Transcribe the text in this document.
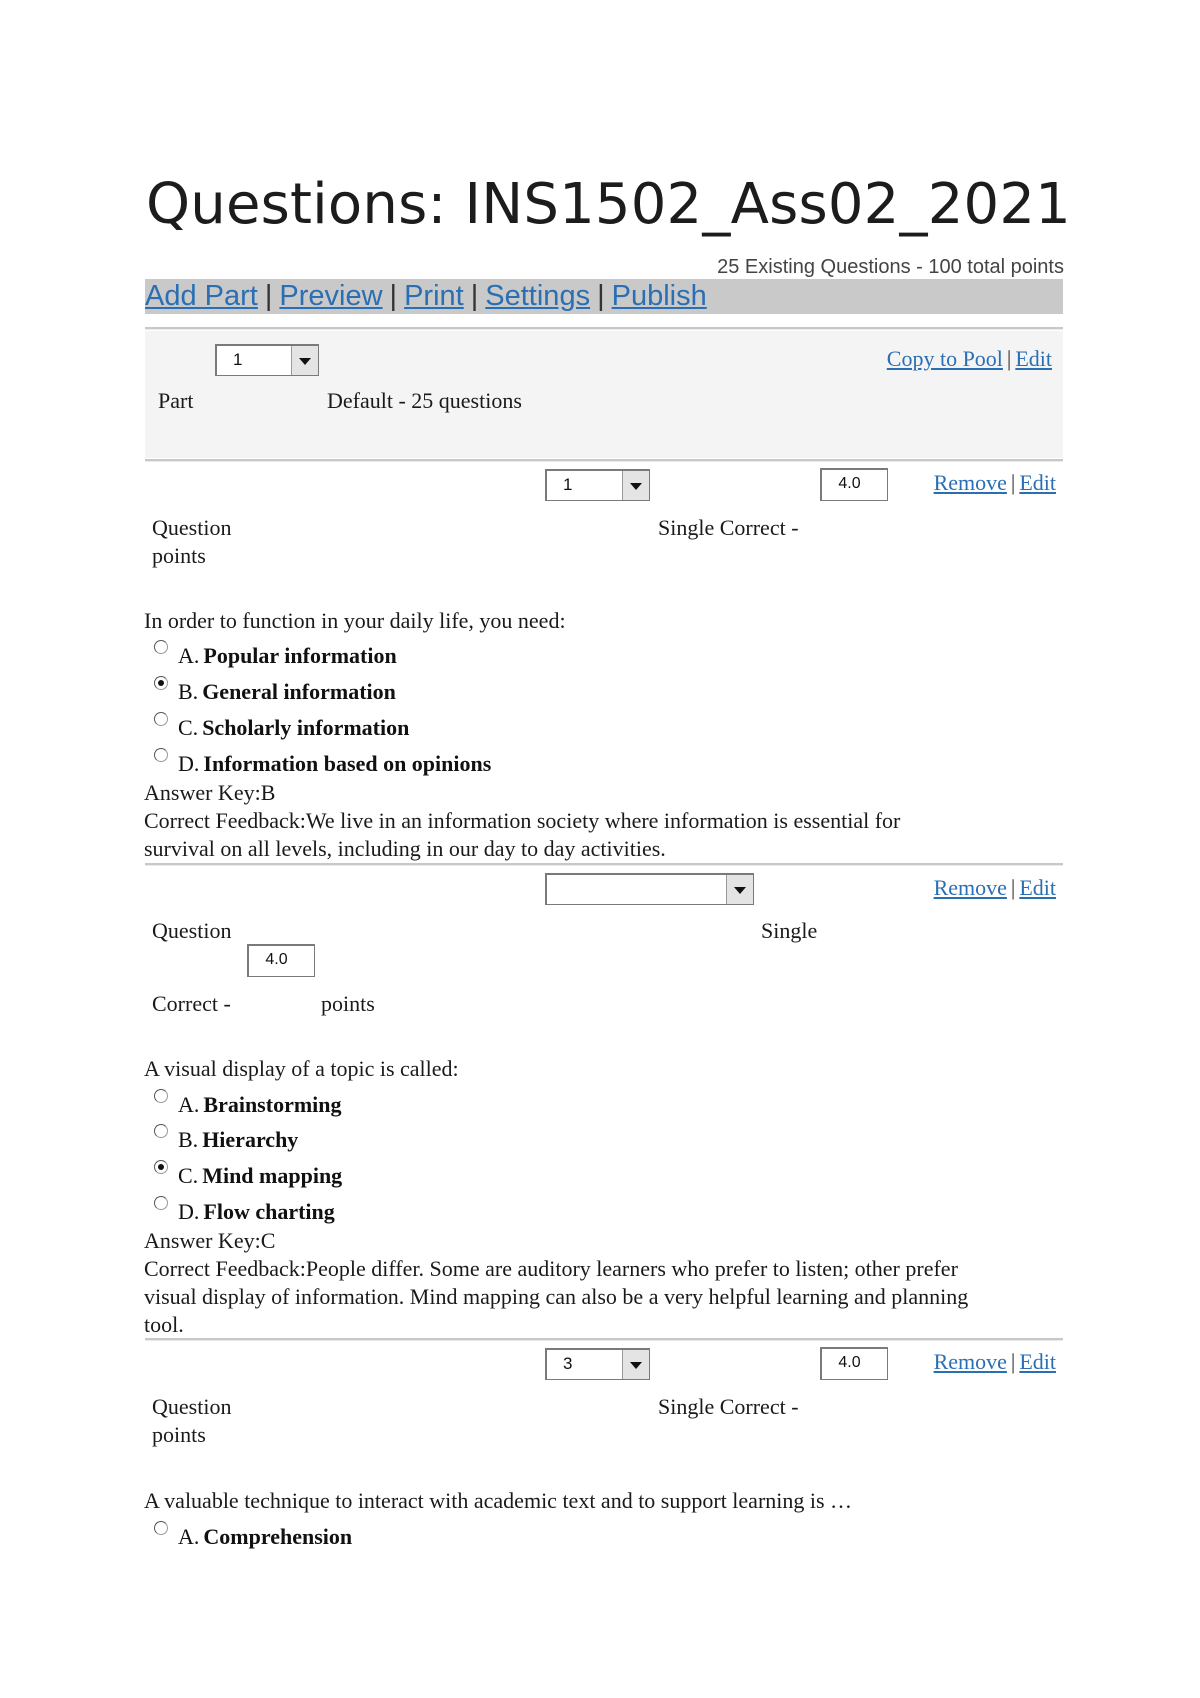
Questions: INS1502_Ass02_2021
25 Existing Questions - 100 total points
Add Part | Preview | Print | Settings | Publish
1
Part	Default - 25 questions
Copy to Pool | Edit
1	4.0	Remove | Edit
Question
points
Single Correct -
In order to function in your daily life, you need:
A. Popular information
B. General information
C. Scholarly information
D. Information based on opinions
Answer Key:B
Correct Feedback:We live in an information society where information is essential for
survival on all levels, including in our day to day activities.
Remove | Edit
Question	Single
4.0
Correct -	points
A visual display of a topic is called:
A. Brainstorming
B. Hierarchy
C. Mind mapping
D. Flow charting
Answer Key:C
Correct Feedback:People differ. Some are auditory learners who prefer to listen; other prefer
visual display of information. Mind mapping can also be a very helpful learning and planning
tool.
3	4.0	Remove | Edit
Question
points
Single Correct -
A valuable technique to interact with academic text and to support learning is …
A. Comprehension
